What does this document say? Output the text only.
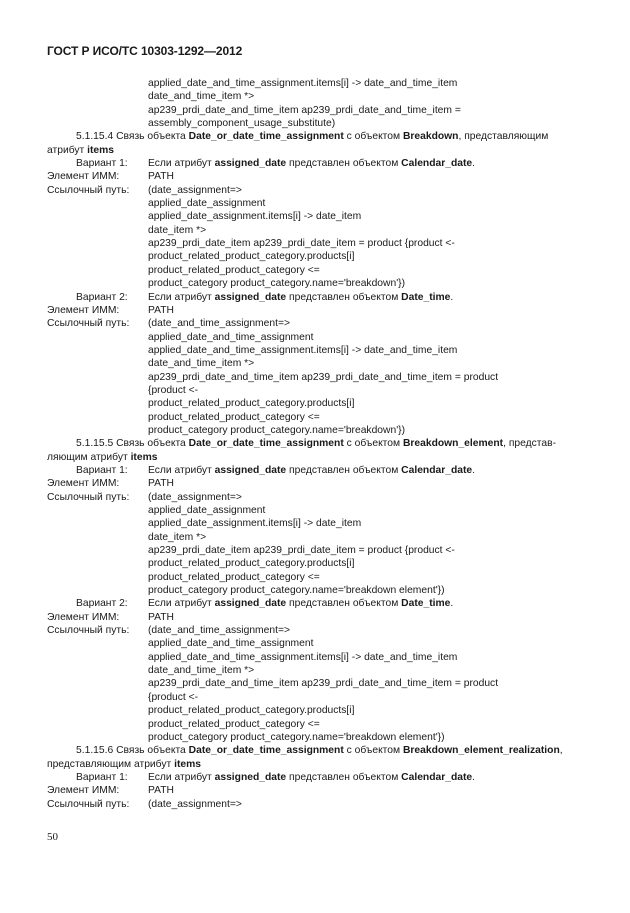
ГОСТ Р ИСО/ТС 10303-1292—2012
applied_date_and_time_assignment.items[i] -> date_and_time_item
date_and_time_item *>
ap239_prdi_date_and_time_item ap239_prdi_date_and_time_item =
assembly_component_usage_substitute)
5.1.15.4 Связь объекта Date_or_date_time_assignment с объектом Breakdown, представляющим
атрибут items
Вариант 1: Если атрибут assigned_date представлен объектом Calendar_date.
Элемент ИММ:	PATH
Ссылочный путь: (date_assignment=>
applied_date_assignment
applied_date_assignment.items[i] -> date_item
date_item *>
ap239_prdi_date_item ap239_prdi_date_item = product {product <-
product_related_product_category.products[i]
product_related_product_category <=
product_category product_category.name='breakdown'})
Вариант 2: Если атрибут assigned_date представлен объектом Date_time.
Элемент ИММ:	PATH
Ссылочный путь: (date_and_time_assignment=>
applied_date_and_time_assignment
applied_date_and_time_assignment.items[i] -> date_and_time_item
date_and_time_item *>
ap239_prdi_date_and_time_item ap239_prdi_date_and_time_item = product
{product <-
product_related_product_category.products[i]
product_related_product_category <=
product_category product_category.name='breakdown'})
5.1.15.5 Связь объекта Date_or_date_time_assignment с объектом Breakdown_element, представ-
ляющим атрибут items
Вариант 1: Если атрибут assigned_date представлен объектом Calendar_date.
Элемент ИММ:	PATH
Ссылочный путь: (date_assignment=>
applied_date_assignment
applied_date_assignment.items[i] -> date_item
date_item *>
ap239_prdi_date_item ap239_prdi_date_item = product {product <-
product_related_product_category.products[i]
product_related_product_category <=
product_category product_category.name='breakdown element'})
Вариант 2: Если атрибут assigned_date представлен объектом Date_time.
Элемент ИММ:	PATH
Ссылочный путь: (date_and_time_assignment=>
applied_date_and_time_assignment
applied_date_and_time_assignment.items[i] -> date_and_time_item
date_and_time_item *>
ap239_prdi_date_and_time_item ap239_prdi_date_and_time_item = product
{product <-
product_related_product_category.products[i]
product_related_product_category <=
product_category product_category.name='breakdown element'})
5.1.15.6 Связь объекта Date_or_date_time_assignment с объектом Breakdown_element_realization,
представляющим атрибут items
Вариант 1: Если атрибут assigned_date представлен объектом Calendar_date.
Элемент ИММ:	PATH
Ссылочный путь: (date_assignment=>
50
